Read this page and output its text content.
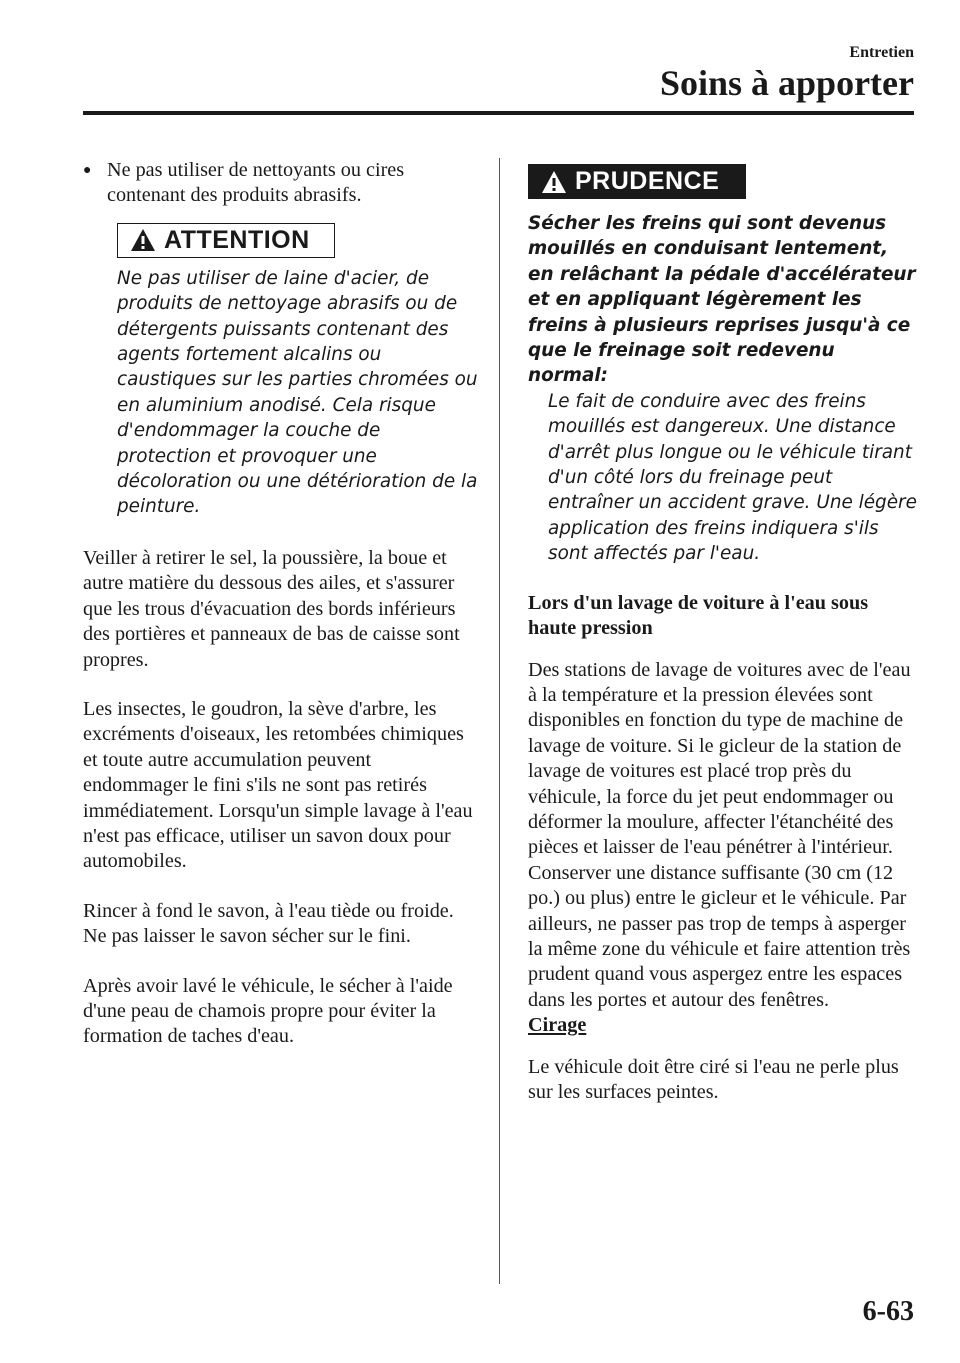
Entretien
Soins à apporter
● Ne pas utiliser de nettoyants ou cires contenant des produits abrasifs.
ATTENTION

Ne pas utiliser de laine d'acier, de produits de nettoyage abrasifs ou de détergents puissants contenant des agents fortement alcalins ou caustiques sur les parties chromées ou en aluminium anodisé. Cela risque d'endommager la couche de protection et provoquer une décoloration ou une détérioration de la peinture.

Veiller à retirer le sel, la poussière, la boue et autre matière du dessous des ailes, et s'assurer que les trous d'évacuation des bords inférieurs des portières et panneaux de bas de caisse sont propres.

Les insectes, le goudron, la sève d'arbre, les excréments d'oiseaux, les retombées chimiques et toute autre accumulation peuvent endommager le fini s'ils ne sont pas retirés immédiatement. Lorsqu'un simple lavage à l'eau n'est pas efficace, utiliser un savon doux pour automobiles.

Rincer à fond le savon, à l'eau tiède ou froide. Ne pas laisser le savon sécher sur le fini.

Après avoir lavé le véhicule, le sécher à l'aide d'une peau de chamois propre pour éviter la formation de taches d'eau.

PRUDENCE

Sécher les freins qui sont devenus mouillés en conduisant lentement, en relâchant la pédale d'accélérateur et en appliquant légèrement les freins à plusieurs reprises jusqu'à ce que le freinage soit redevenu normal:

Le fait de conduire avec des freins mouillés est dangereux. Une distance d'arrêt plus longue ou le véhicule tirant d'un côté lors du freinage peut entraîner un accident grave. Une légère application des freins indiquera s'ils sont affectés par l'eau.

Lors d'un lavage de voiture à l'eau sous haute pression

Des stations de lavage de voitures avec de l'eau à la température et la pression élevées sont disponibles en fonction du type de machine de lavage de voiture. Si le gicleur de la station de lavage de voitures est placé trop près du véhicule, la force du jet peut endommager ou déformer la moulure, affecter l'étanchéité des pièces et laisser de l'eau pénétrer à l'intérieur. Conserver une distance suffisante (30 cm (12 po.) ou plus) entre le gicleur et le véhicule. Par ailleurs, ne passer pas trop de temps à asperger la même zone du véhicule et faire attention très prudent quand vous aspergez entre les espaces dans les portes et autour des fenêtres.

Cirage

Le véhicule doit être ciré si l'eau ne perle plus sur les surfaces peintes.

6-63
